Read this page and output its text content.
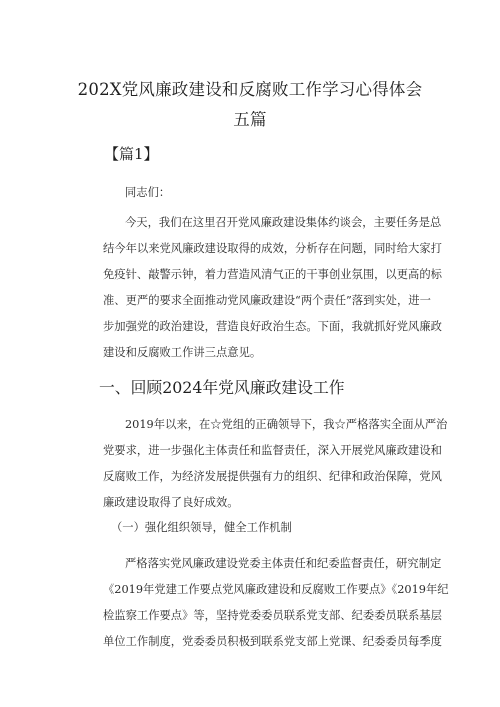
202X党风廉政建设和反腐败工作学习心得体会
五篇
【篇1】
同志们：
今天，我们在这里召开党风廉政建设集体约谈会，主要任务是总
结今年以来党风廉政建设取得的成效，分析存在问题，同时给大家打
免疫针、敲警示钟，着力营造风清气正的干事创业氛围，以更高的标
准、更严的要求全面推动党风廉政建设“两个责任”落到实处，进一
步加强党的政治建设，营造良好政治生态。下面，我就抓好党风廉政
建设和反腐败工作讲三点意见。
一、回顾2024年党风廉政建设工作
2019年以来，在☆党组的正确领导下，我☆严格落实全面从严治
党要求，进一步强化主体责任和监督责任，深入开展党风廉政建设和
反腐败工作，为经济发展提供强有力的组织、纪律和政治保障，党风
廉政建设取得了良好成效。
（一）强化组织领导，健全工作机制
严格落实党风廉政建设党委主体责任和纪委监督责任，研究制定
《2019年党建工作要点党风廉政建设和反腐败工作要点》《2019年纪
检监察工作要点》等，坚持党委委员联系党支部、纪委委员联系基层
单位工作制度，党委委员积极到联系党支部上党课、纪委委员每季度
